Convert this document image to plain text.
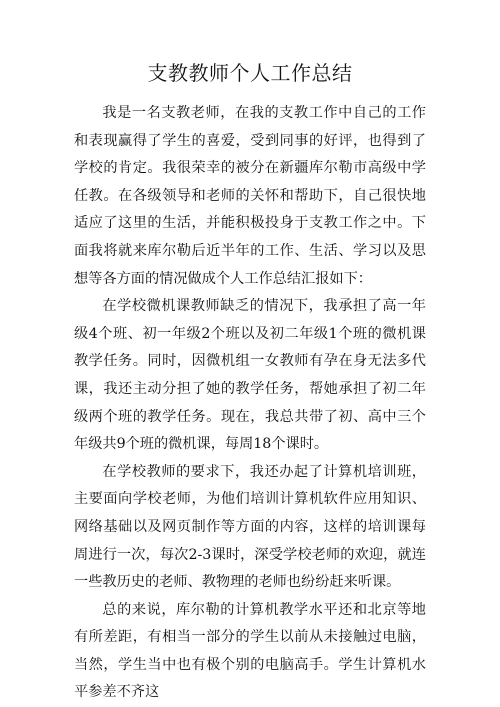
支教教师个人工作总结

我是一名支教老师，在我的支教工作中自己的工作和表现赢得了学生的喜爱，受到同事的好评，也得到了学校的肯定。我很荣幸的被分在新疆库尔勒市高级中学任教。在各级领导和老师的关怀和帮助下，自己很快地适应了这里的生活，并能积极投身于支教工作之中。下面我将就来库尔勒后近半年的工作、生活、学习以及思想等各方面的情况做成个人工作总结汇报如下：

在学校微机课教师缺乏的情况下，我承担了高一年级4个班、初一年级2个班以及初二年级1个班的微机课教学任务。同时，因微机组一女教师有孕在身无法多代课，我还主动分担了她的教学任务，帮她承担了初二年级两个班的教学任务。现在，我总共带了初、高中三个年级共9个班的微机课，每周18个课时。

在学校教师的要求下，我还办起了计算机培训班，主要面向学校老师，为他们培训计算机软件应用知识、网络基础以及网页制作等方面的内容，这样的培训课每周进行一次，每次2-3课时，深受学校老师的欢迎，就连一些教历史的老师、教物理的老师也纷纷赶来听课。

总的来说，库尔勒的计算机教学水平还和北京等地有所差距，有相当一部分的学生以前从未接触过电脑，当然，学生当中也有极个别的电脑高手。学生计算机水平参差不齐这
